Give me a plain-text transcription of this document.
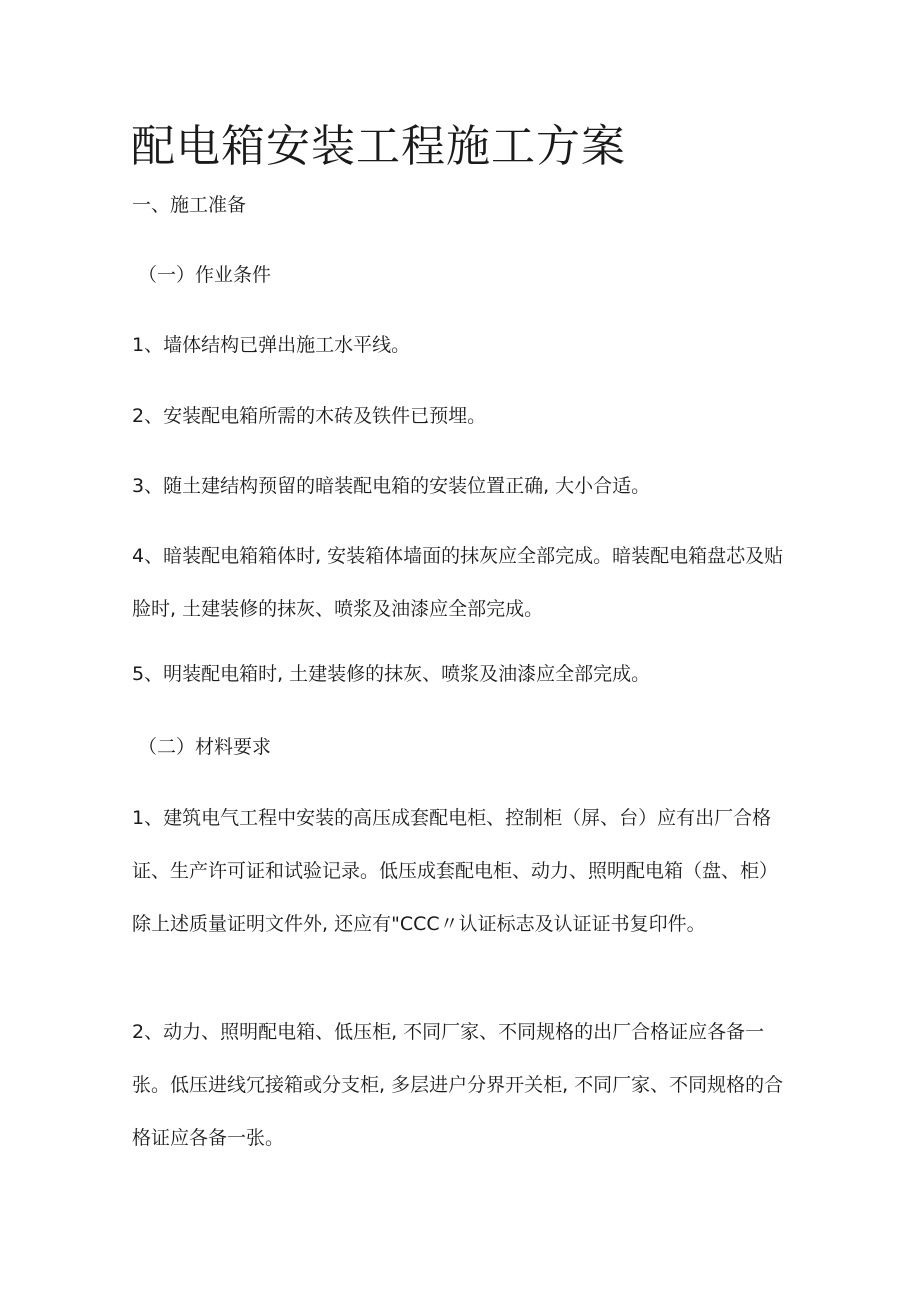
配电箱安装工程施工方案

一、施工准备

（一）作业条件

1、墙体结构已弹出施工水平线。

2、安装配电箱所需的木砖及铁件已预埋。

3、随土建结构预留的暗装配电箱的安装位置正确, 大小合适。

4、暗装配电箱箱体时, 安装箱体墙面的抹灰应全部完成。暗装配电箱盘芯及贴脸时, 土建装修的抹灰、喷浆及油漆应全部完成。

5、明装配电箱时, 土建装修的抹灰、喷浆及油漆应全部完成。

（二）材料要求

1、建筑电气工程中安装的高压成套配电柜、控制柜（屏、台）应有出厂合格证、生产许可证和试验记录。低压成套配电柜、动力、照明配电箱（盘、柜）除上述质量证明文件外, 还应有"CCC〃认证标志及认证证书复印件。

2、动力、照明配电箱、低压柜, 不同厂家、不同规格的出厂合格证应各备一张。低压进线冗接箱或分支柜, 多层进户分界开关柜, 不同厂家、不同规格的合格证应各备一张。
